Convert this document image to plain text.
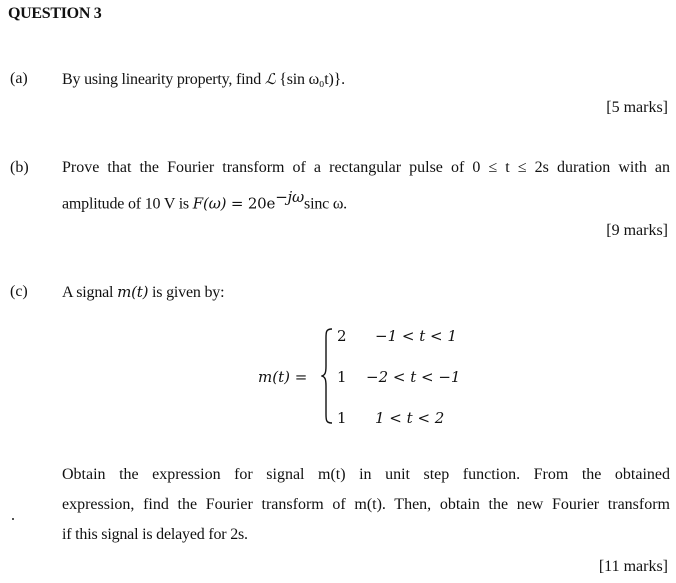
QUESTION 3
(a) By using linearity property, find ℒ {sin ω₀t)}.
[5 marks]
(b) Prove that the Fourier transform of a rectangular pulse of 0 ≤ t ≤ 2s duration with an
amplitude of 10 V is $F(\omega) = 20e^{-j\omega}\sin c$ ω.
[9 marks]
(c) A signal m(t) is given by:
m(t) =
2 −1 < t < 1
1 −2 < t < −1
1 1 < t < 2
Obtain the expression for signal m(t) in unit step function. From the obtained
expression, find the Fourier transform of m(t). Then, obtain the new Fourier transform
if this signal is delayed for 2s.
[11 marks]
